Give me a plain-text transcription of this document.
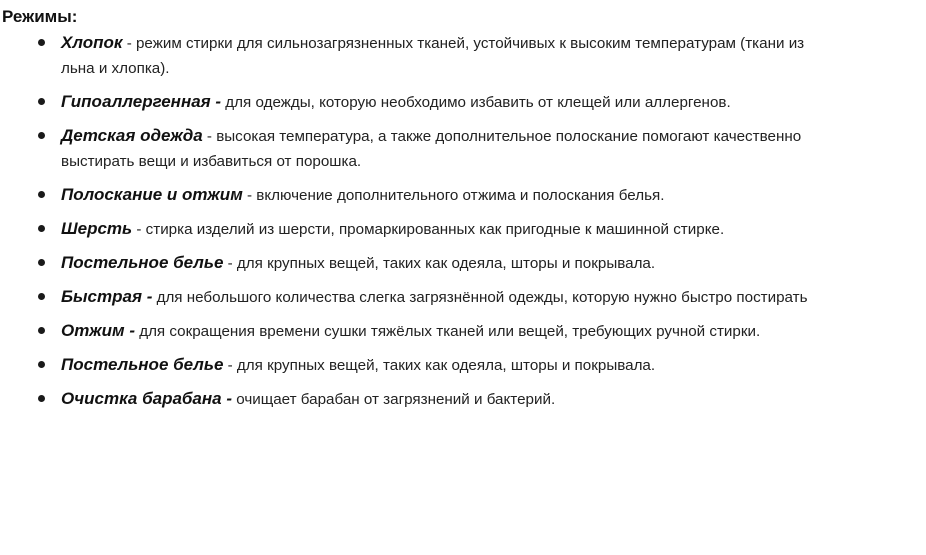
Режимы:
Хлопок - режим стирки для сильнозагрязненных тканей, устойчивых к высоким температурам (ткани из льна и хлопка).
Гипоаллергенная - для одежды, которую необходимо избавить от клещей или аллергенов.
Детская одежда - высокая температура, а также дополнительное полоскание помогают качественно выстирать вещи и избавиться от порошка.
Полоскание и отжим - включение дополнительного отжима и полоскания белья.
Шерсть - стирка изделий из шерсти, промаркированных как пригодные к машинной стирке.
Постельное белье - для крупных вещей, таких как одеяла, шторы и покрывала.
Быстрая - для небольшого количества слегка загрязнённой одежды, которую нужно быстро постирать
Отжим - для сокращения времени сушки тяжёлых тканей или вещей, требующих ручной стирки.
Постельное белье - для крупных вещей, таких как одеяла, шторы и покрывала.
Очистка барабана - очищает барабан от загрязнений и бактерий.
